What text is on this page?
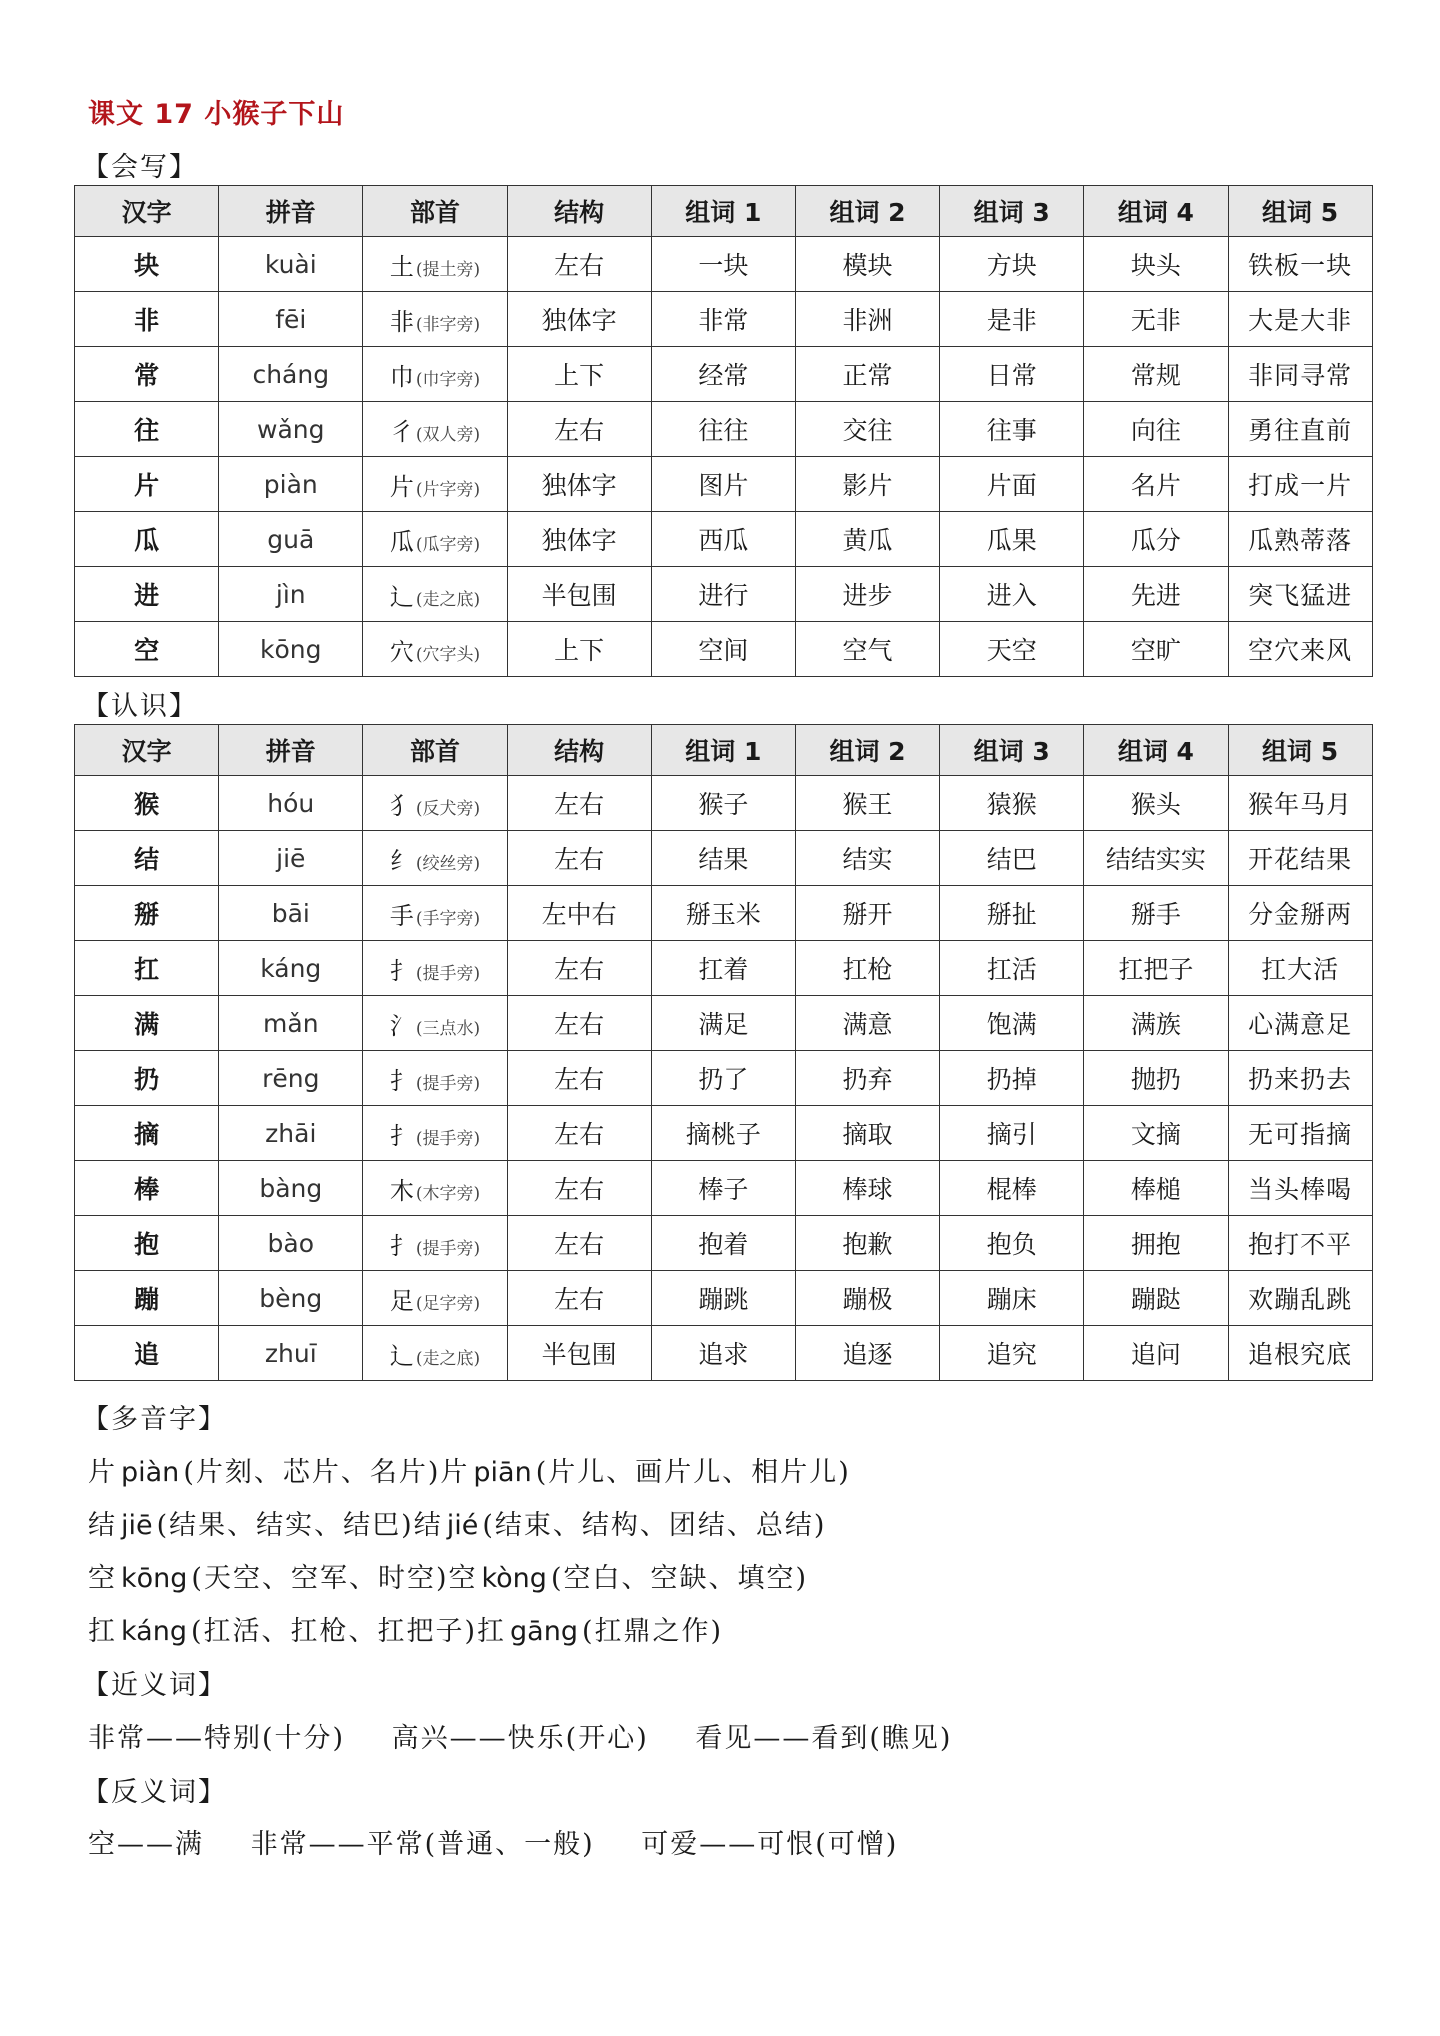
课文 17 小猴子下山
【会写】
汉字	拼音	部首	结构	组词 1	组词 2	组词 3	组词 4	组词 5
块	kuài	土 (提土旁)	左右	一块	模块	方块	块头	铁板一块
非	fēi	非 (非字旁)	独体字	非常	非洲	是非	无非	大是大非
常	cháng	巾 (巾字旁)	上下	经常	正常	日常	常规	非同寻常
往	wǎng	彳 (双人旁)	左右	往往	交往	往事	向往	勇往直前
片	piàn	片 (片字旁)	独体字	图片	影片	片面	名片	打成一片
瓜	guā	瓜 (瓜字旁)	独体字	西瓜	黄瓜	瓜果	瓜分	瓜熟蒂落
进	jìn	辶 (走之底)	半包围	进行	进步	进入	先进	突飞猛进
空	kōng	穴 (穴字头)	上下	空间	空气	天空	空旷	空穴来风
【认识】
汉字	拼音	部首	结构	组词 1	组词 2	组词 3	组词 4	组词 5
猴	hóu	犭 (反犬旁)	左右	猴子	猴王	猿猴	猴头	猴年马月
结	jiē	纟 (绞丝旁)	左右	结果	结实	结巴	结结实实	开花结果
掰	bāi	手 (手字旁)	左中右	掰玉米	掰开	掰扯	掰手	分金掰两
扛	káng	扌 (提手旁)	左右	扛着	扛枪	扛活	扛把子	扛大活
满	mǎn	氵 (三点水)	左右	满足	满意	饱满	满族	心满意足
扔	rēng	扌 (提手旁)	左右	扔了	扔弃	扔掉	抛扔	扔来扔去
摘	zhāi	扌 (提手旁)	左右	摘桃子	摘取	摘引	文摘	无可指摘
棒	bàng	木 (木字旁)	左右	棒子	棒球	棍棒	棒槌	当头棒喝
抱	bào	扌 (提手旁)	左右	抱着	抱歉	抱负	拥抱	抱打不平
蹦	bèng	足 (足字旁)	左右	蹦跳	蹦极	蹦床	蹦跶	欢蹦乱跳
追	zhuī	辶 (走之底)	半包围	追求	追逐	追究	追问	追根究底
【多音字】
片 piàn (片刻、芯片、名片)片 piān (片儿、画片儿、相片儿)
结 jiē (结果、结实、结巴)结 jié (结束、结构、团结、总结)
空 kōng (天空、空军、时空)空 kòng (空白、空缺、填空)
扛 káng (扛活、扛枪、扛把子)扛 gāng (扛鼎之作)
【近义词】
非常——特别(十分) 高兴——快乐(开心) 看见——看到(瞧见)
【反义词】
空——满 非常——平常(普通、一般) 可爱——可恨(可憎)
